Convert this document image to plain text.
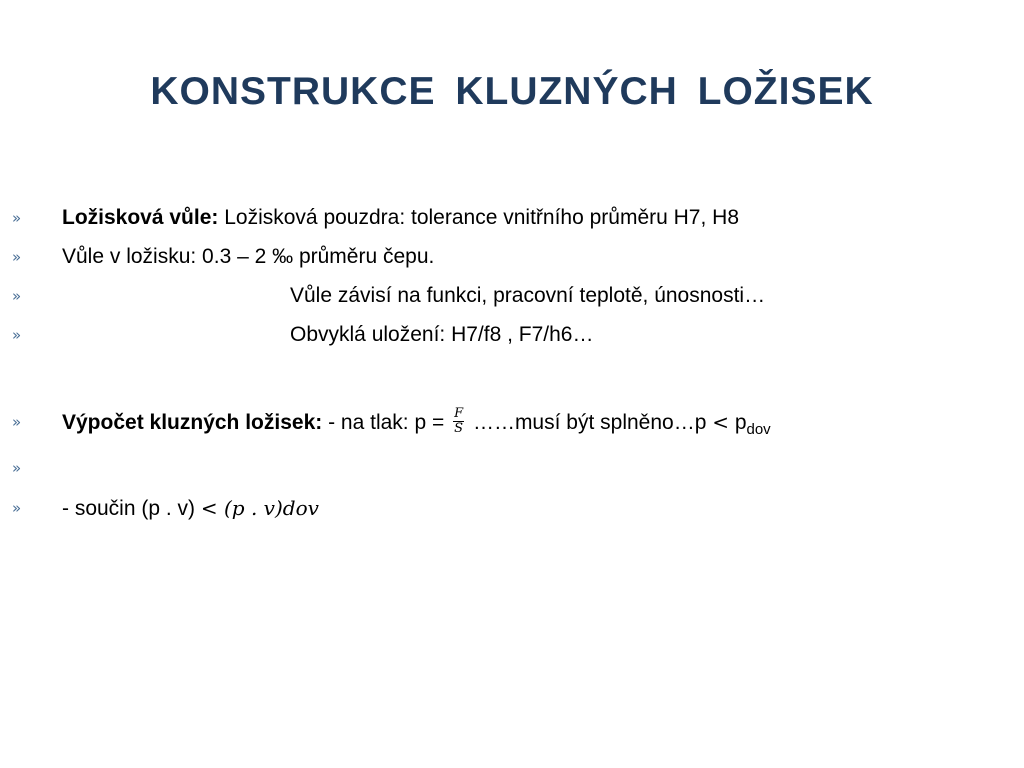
KONSTRUKCE KLUZNÝCH LOŽISEK
» Ložisková vůle: Ložisková pouzdra: tolerance vnitřního průměru H7, H8
» Vůle v ložisku: 0.3 – 2 ‰ průměru čepu.
»	Vůle závisí na funkci, pracovní teplotě, únosnosti…
»	Obvyklá uložení: H7/f8 , F7/h6…
» Výpočet kluzných ložisek: - na tlak: $p = \frac{F}{S}$ ……musí být splněno…p < $p_{dov}$
»
» - součin (p . v) < (p . v)dov
